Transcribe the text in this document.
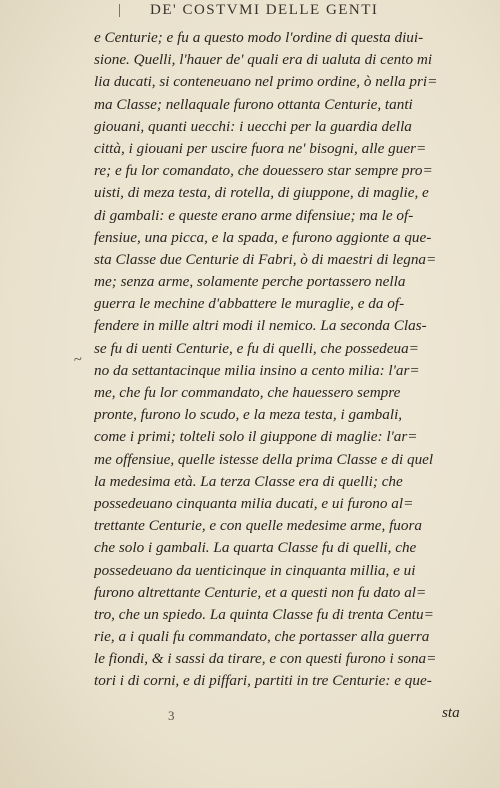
| DE' COSTVMI DELLE GENTI
~
e Centurie; e fu a questo modo l'ordine di questa diui-
sione. Quelli, l'hauer de' quali era di ualuta di cento mi
lia ducati, si conteneuano nel primo ordine, ò nella pri=
ma Classe; nellaquale furono ottanta Centurie, tanti
giouani, quanti uecchi: i uecchi per la guardia della
città, i giouani per uscire fuora ne' bisogni, alle guer=
re; e fu lor comandato, che douessero star sempre pro=
uisti, di meza testa, di rotella, di giuppone, di maglie, e
di gambali: e queste erano arme difensiue; ma le of-
fensiue, una picca, e la spada, e furono aggionte a que-
sta Classe due Centurie di Fabri, ò di maestri di legna=
me; senza arme, solamente perche portassero nella
guerra le mechine d'abbattere le muraglie, e da of-
fendere in mille altri modi il nemico. La seconda Clas-
se fu di uenti Centurie, e fu di quelli, che possedeua=
no da settantacinque milia insino a cento milia: l'ar=
me, che fu lor commandato, che hauessero sempre
pronte, furono lo scudo, e la meza testa, i gambali,
come i primi; tolteli solo il giuppone di maglie: l'ar=
me offensiue, quelle istesse della prima Classe e di quel
la medesima età. La terza Classe era di quelli; che
possedeuano cinquanta milia ducati, e ui furono al=
trettante Centurie, e con quelle medesime arme, fuora
che solo i gambali. La quarta Classe fu di quelli, che
possedeuano da uenticinque in cinquanta millia, e ui
furono altrettante Centurie, et a questi non fu dato al=
tro, che un spiedo. La quinta Classe fu di trenta Centu=
rie, a i quali fu commandato, che portasser alla guerra
le fiondi, & i sassi da tirare, e con questi furono i sona=
tori i di corni, e di piffari, partiti in tre Centurie: e que-
3	sta
